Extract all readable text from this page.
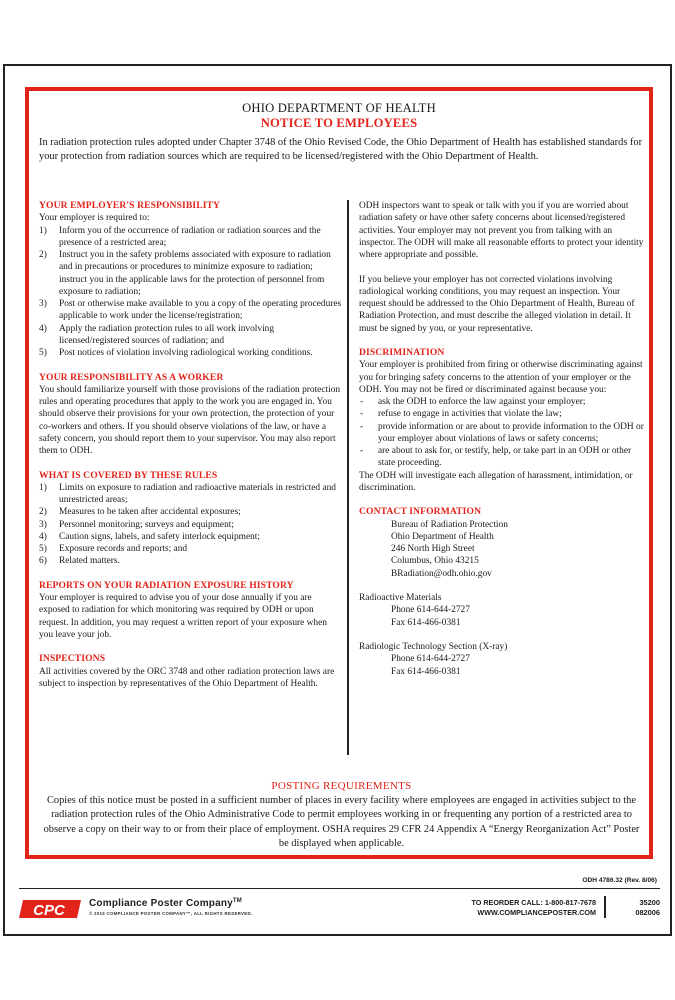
OHIO DEPARTMENT OF HEALTH
NOTICE TO EMPLOYEES
In radiation protection rules adopted under Chapter 3748 of the Ohio Revised Code, the Ohio Department of Health has established standards for your protection from radiation sources which are required to be licensed/registered with the Ohio Department of Health.
YOUR EMPLOYER'S RESPONSIBILITY
Your employer is required to:
1)	Inform you of the occurrence of radiation or radiation sources and the presence of a restricted area;
2)	Instruct you in the safety problems associated with exposure to radiation and in precautions or procedures to minimize exposure to radiation; instruct you in the applicable laws for the protection of personnel from exposure to radiation;
3)	Post or otherwise make available to you a copy of the operating procedures applicable to work under the license/registration;
4)	Apply the radiation protection rules to all work involving licensed/registered sources of radiation; and
5)	Post notices of violation involving radiological working conditions.
YOUR RESPONSIBILITY AS A WORKER
You should familiarize yourself with those provisions of the radiation protection rules and operating procedures that apply to the work you are engaged in. You should observe their provisions for your own protection, the protection of your co-workers and others. If you should observe violations of the law, or have a safety concern, you should report them to your supervisor. You may also report them to ODH.
WHAT IS COVERED BY THESE RULES
1)	Limits on exposure to radiation and radioactive materials in restricted and unrestricted areas;
2)	Measures to be taken after accidental exposures;
3)	Personnel monitoring; surveys and equipment;
4)	Caution signs, labels, and safety interlock equipment;
5)	Exposure records and reports; and
6)	Related matters.
REPORTS ON YOUR RADIATION EXPOSURE HISTORY
Your employer is required to advise you of your dose annually if you are exposed to radiation for which monitoring was required by ODH or upon request. In addition, you may request a written report of your exposure when you leave your job.
INSPECTIONS
All activities covered by the ORC 3748 and other radiation protection laws are subject to inspection by representatives of the Ohio Department of Health.
ODH inspectors want to speak or talk with you if you are worried about radiation safety or have other safety concerns about licensed/registered activities. Your employer may not prevent you from talking with an inspector. The ODH will make all reasonable efforts to protect your identity where appropriate and possible.
If you believe your employer has not corrected violations involving radiological working conditions, you may request an inspection. Your request should be addressed to the Ohio Department of Health, Bureau of Radiation Protection, and must describe the alleged violation in detail. It must be signed by you, or your representative.
DISCRIMINATION
Your employer is prohibited from firing or otherwise discriminating against you for bringing safety concerns to the attention of your employer or the ODH. You may not be fired or discriminated against because you:
-	ask the ODH to enforce the law against your employer;
-	refuse to engage in activities that violate the law;
-	provide information or are about to provide information to the ODH or your employer about violations of laws or safety concerns;
-	are about to ask for, or testify, help, or take part in an ODH or other state proceeding.
The ODH will investigate each allegation of harassment, intimidation, or discrimination.
CONTACT INFORMATION
Bureau of Radiation Protection
Ohio Department of Health
246 North High Street
Columbus, Ohio 43215
BRadiation@odh.ohio.gov
Radioactive Materials
Phone 614-644-2727
Fax 614-466-0381
Radiologic Technology Section (X-ray)
Phone 614-644-2727
Fax 614-466-0381
POSTING REQUIREMENTS
Copies of this notice must be posted in a sufficient number of places in every facility where employees are engaged in activities subject to the radiation protection rules of the Ohio Administrative Code to permit employees working in or frequenting any portion of a restricted area to observe a copy on their way to or from their place of employment. OSHA requires 29 CFR 24 Appendix A “Energy Reorganization Act” Poster be displayed when applicable.
ODH 4786.32 (Rev. 8/06)
CPC Compliance Poster Company™
© 2015 COMPLIANCE POSTER COMPANY™, ALL RIGHTS RESERVED.
TO REORDER CALL: 1-800-817-7678
WWW.COMPLIANCEPOSTER.COM
35200
082006
